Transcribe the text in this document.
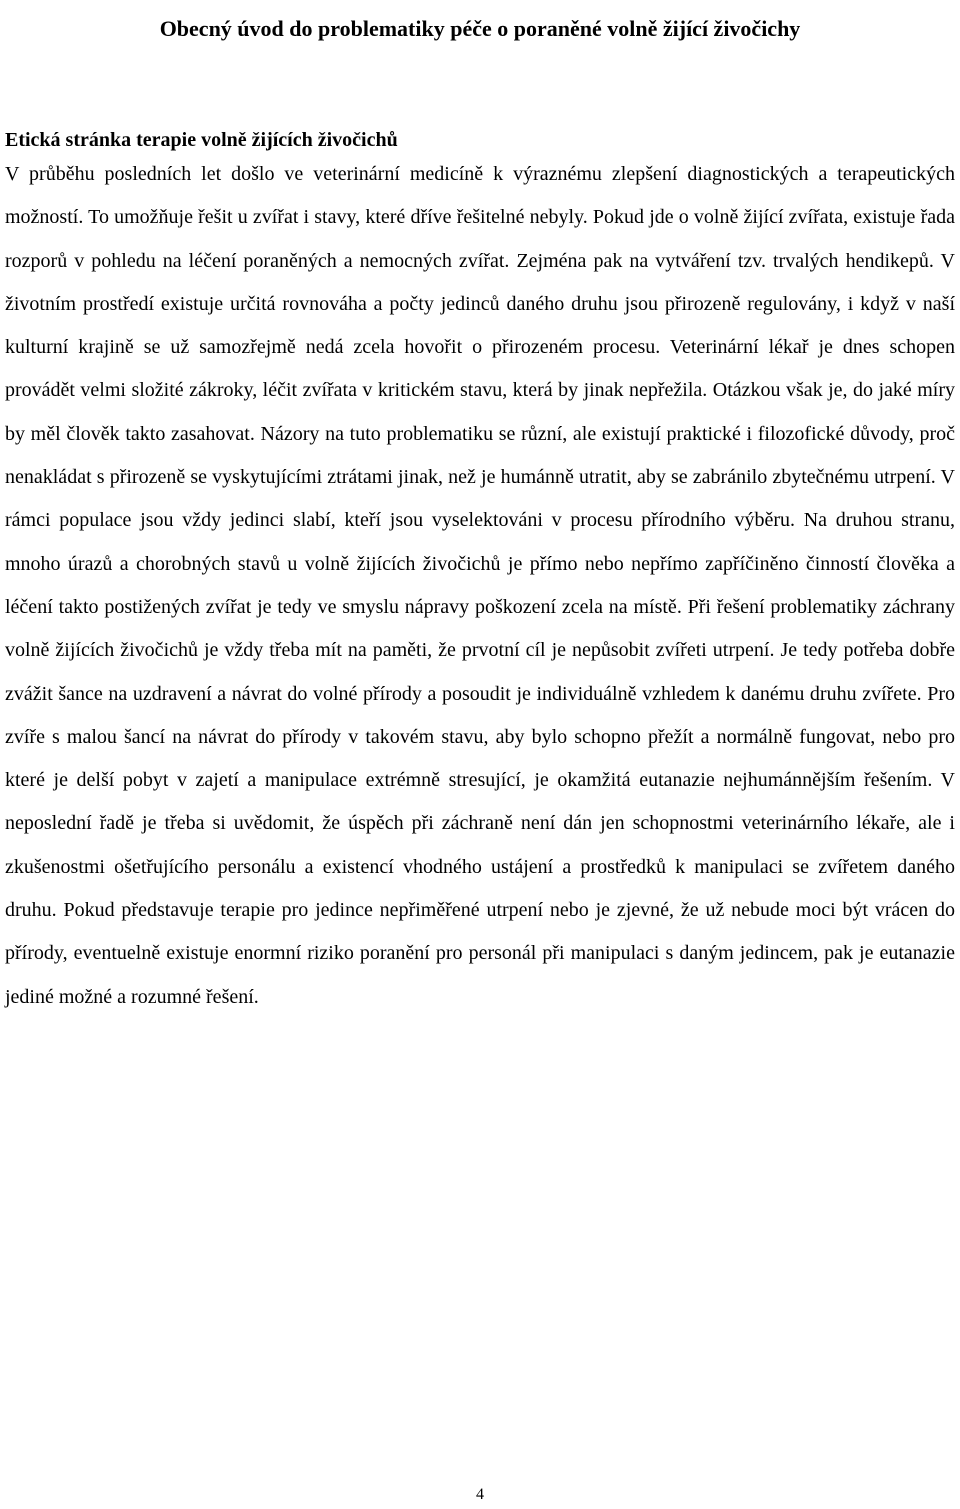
Obecný úvod do problematiky péče o poraněné volně žijící živočichy
Etická stránka terapie volně žijících živočichů

V průběhu posledních let došlo ve veterinární medicíně k výraznému zlepšení diagnostických a terapeutických možností. To umožňuje řešit u zvířat i stavy, které dříve řešitelné nebyly. Pokud jde o volně žijící zvířata, existuje řada rozporů v pohledu na léčení poraněných a nemocných zvířat. Zejména pak na vytváření tzv. trvalých hendikepů. V životním prostředí existuje určitá rovnováha a počty jedinců daného druhu jsou přirozeně regulovány, i když v naší kulturní krajině se už samozřejmě nedá zcela hovořit o přirozeném procesu. Veterinární lékař je dnes schopen provádět velmi složité zákroky, léčit zvířata v kritickém stavu, která by jinak nepřežila. Otázkou však je, do jaké míry by měl člověk takto zasahovat. Názory na tuto problematiku se různí, ale existují praktické i filozofické důvody, proč nenakládat s přirozeně se vyskytujícími ztrátami jinak, než je humánně utratit, aby se zabránilo zbytečnému utrpení. V rámci populace jsou vždy jedinci slabí, kteří jsou vyselektováni v procesu přírodního výběru. Na druhou stranu, mnoho úrazů a chorobných stavů u volně žijících živočichů je přímo nebo nepřímo zapříčiněno činností člověka a léčení takto postižených zvířat je tedy ve smyslu nápravy poškození zcela na místě. Při řešení problematiky záchrany volně žijících živočichů je vždy třeba mít na paměti, že prvotní cíl je nepůsobit zvířeti utrpení. Je tedy potřeba dobře zvážit šance na uzdravení a návrat do volné přírody a posoudit je individuálně vzhledem k danému druhu zvířete. Pro zvíře s malou šancí na návrat do přírody v takovém stavu, aby bylo schopno přežít a normálně fungovat, nebo pro které je delší pobyt v zajetí a manipulace extrémně stresující, je okamžitá eutanazie nejhumánnějším řešením. V neposlední řadě je třeba si uvědomit, že úspěch při záchraně není dán jen schopnostmi veterinárního lékaře, ale i zkušenostmi ošetřujícího personálu a existencí vhodného ustájení a prostředků k manipulaci se zvířetem daného druhu. Pokud představuje terapie pro jedince nepřiměřené utrpení nebo je zjevné, že už nebude moci být vrácen do přírody, eventuelně existuje enormní riziko poranění pro personál při manipulaci s daným jedincem, pak je eutanazie jediné možné a rozumné řešení.

4
